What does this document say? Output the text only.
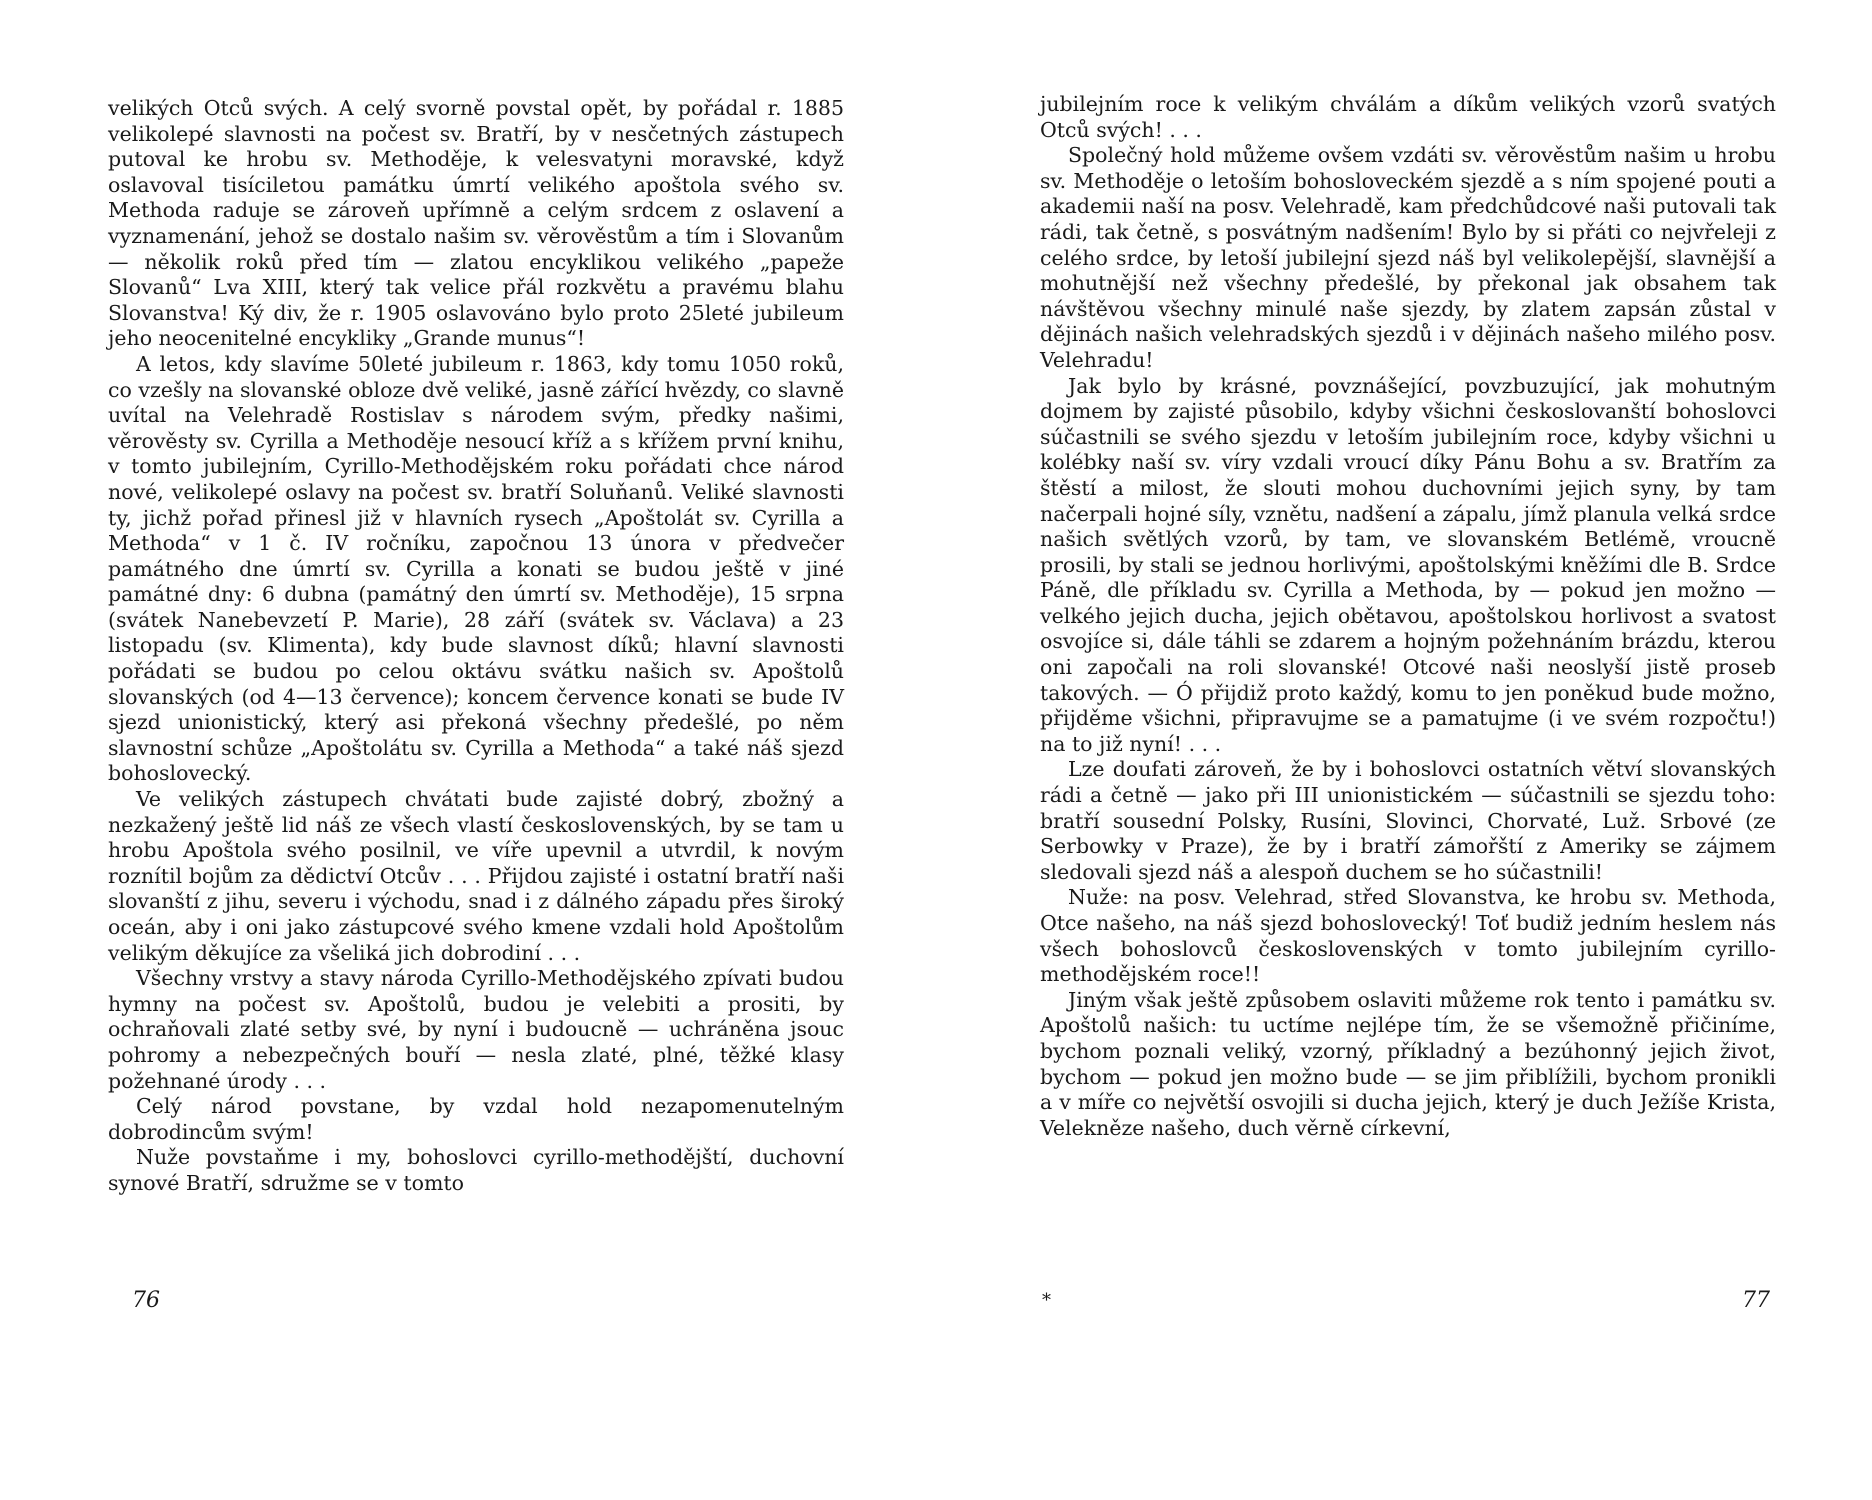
velikých Otců svých. A celý svorně povstal opět, by pořádal r. 1885 velikolepé slavnosti na počest sv. Bratří, by v nesčetných zástupech putoval ke hrobu sv. Methoděje, k velesvatyni moravské, když oslavoval tisíciletou památku úmrtí velikého apoštola svého sv. Methoda raduje se zároveň upřímně a celým srdcem z oslavení a vyznamenání, jehož se dostalo našim sv. věrověstům a tím i Slovanům — několik roků před tím — zlatou encyklikou velikého „papeže Slovanů“ Lva XIII, který tak velice přál rozkvětu a pravému blahu Slovanstva! Ký div, že r. 1905 oslavováno bylo proto 25leté jubileum jeho neocenitelné encykliky „Grande munus“!

A letos, kdy slavíme 50leté jubileum r. 1863, kdy tomu 1050 roků, co vzešly na slovanské obloze dvě veliké, jasně zářící hvězdy, co slavně uvítal na Velehradě Rostislav s národem svým, předky našimi, věrověsty sv. Cyrilla a Methoděje nesoucí kříž a s křížem první knihu, v tomto jubilejním, Cyrillo-Methodějském roku pořádati chce národ nové, velikolepé oslavy na počest sv. bratří Soluňanů. Veliké slavnosti ty, jichž pořad přinesl již v hlavních rysech „Apoštolát sv. Cyrilla a Methoda“ v 1 č. IV ročníku, započnou 13 února v předvečer památného dne úmrtí sv. Cyrilla a konati se budou ještě v jiné památné dny: 6 dubna (památný den úmrtí sv. Methoděje), 15 srpna (svátek Nanebevzetí P. Marie), 28 září (svátek sv. Václava) a 23 listopadu (sv. Klimenta), kdy bude slavnost díků; hlavní slavnosti pořádati se budou po celou oktávu svátku našich sv. Apoštolů slovanských (od 4—13 července); koncem července konati se bude IV sjezd unionistický, který asi překoná všechny předešlé, po něm slavnostní schůze „Apoštolátu sv. Cyrilla a Methoda“ a také náš sjezd bohoslovecký.

Ve velikých zástupech chvátati bude zajisté dobrý, zbožný a nezkažený ještě lid náš ze všech vlastí československých, by se tam u hrobu Apoštola svého posilnil, ve víře upevnil a utvrdil, k novým roznítil bojům za dědictví Otcův . . . Přijdou zajisté i ostatní bratří naši slovanští z jihu, severu i východu, snad i z dálného západu přes široký oceán, aby i oni jako zástupcové svého kmene vzdali hold Apoštolům velikým děkujíce za všeliká jich dobrodiní . . .

Všechny vrstvy a stavy národa Cyrillo-Methodějského zpívati budou hymny na počest sv. Apoštolů, budou je velebiti a prositi, by ochraňovali zlaté setby své, by nyní i budoucně — uchráněna jsouc pohromy a nebezpečných bouří — nesla zlaté, plné, těžké klasy požehnané úrody . . .

Celý národ povstane, by vzdal hold nezapomenutelným dobrodincům svým!

Nuže povstaňme i my, bohoslovci cyrillo-methodějští, duchovní synové Bratří, sdružme se v tomto

76

jubilejním roce k velikým chválám a díkům velikých vzorů svatých Otců svých! . . .

Společný hold můžeme ovšem vzdáti sv. věrověstům našim u hrobu sv. Methoděje o letoším bohosloveckém sjezdě a s ním spojené pouti a akademii naší na posv. Velehradě, kam předchůdcové naši putovali tak rádi, tak četně, s posvátným nadšením! Bylo by si přáti co nejvřeleji z celého srdce, by letoší jubilejní sjezd náš byl velikolepější, slavnější a mohutnější než všechny předešlé, by překonal jak obsahem tak návštěvou všechny minulé naše sjezdy, by zlatem zapsán zůstal v dějinách našich velehradských sjezdů i v dějinách našeho milého posv. Velehradu!

Jak bylo by krásné, povznášející, povzbuzující, jak mohutným dojmem by zajisté působilo, kdyby všichni českoslovanští bohoslovci súčastnili se svého sjezdu v letoším jubilejním roce, kdyby všichni u kolébky naší sv. víry vzdali vroucí díky Pánu Bohu a sv. Bratřím za štěstí a milost, že slouti mohou duchovními jejich syny, by tam načerpali hojné síly, vznětu, nadšení a zápalu, jímž planula velká srdce našich světlých vzorů, by tam, ve slovanském Betlémě, vroucně prosili, by stali se jednou horlivými, apoštolskými kněžími dle B. Srdce Páně, dle příkladu sv. Cyrilla a Methoda, by — pokud jen možno — velkého jejich ducha, jejich obětavou, apoštolskou horlivost a svatost osvojíce si, dále táhli se zdarem a hojným požehnáním brázdu, kterou oni započali na roli slovanské! Otcové naši neoslyší jistě proseb takových. — Ó přijdiž proto každý, komu to jen poněkud bude možno, přijděme všichni, připravujme se a pamatujme (i ve svém rozpočtu!) na to již nyní! . . .

Lze doufati zároveň, že by i bohoslovci ostatních větví slovanských rádi a četně — jako při III unionistickém — súčastnili se sjezdu toho: bratří sousední Polsky, Rusíni, Slovinci, Chorvaté, Luž. Srbové (ze Serbowky v Praze), že by i bratří zámořští z Ameriky se zájmem sledovali sjezd náš a alespoň duchem se ho súčastnili!

Nuže: na posv. Velehrad, střed Slovanstva, ke hrobu sv. Methoda, Otce našeho, na náš sjezd bohoslovecký! Toť budiž jedním heslem nás všech bohoslovců československých v tomto jubilejním cyrillo-methodějském roce!!

Jiným však ještě způsobem oslaviti můžeme rok tento i památku sv. Apoštolů našich: tu uctíme nejlépe tím, že se všemožně přičiníme, bychom poznali veliký, vzorný, příkladný a bezúhonný jejich život, bychom — pokud jen možno bude — se jim přiblížili, bychom pronikli a v míře co největší osvojili si ducha jejich, který je duch Ježíše Krista, Velekněze našeho, duch věrně církevní,

*	77
